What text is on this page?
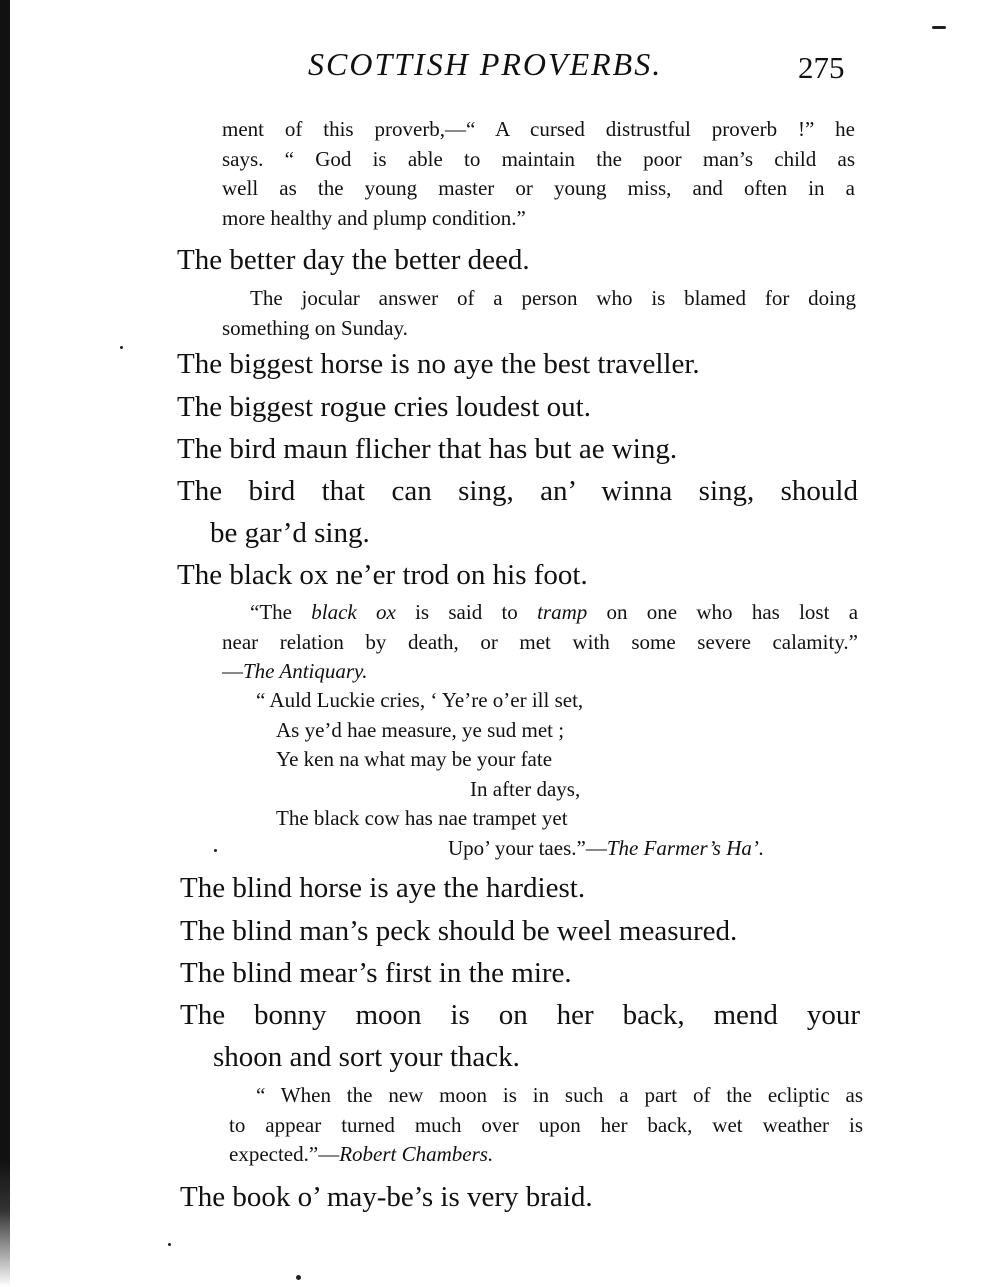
SCOTTISH PROVERBS.	275
ment of this proverb,—“ A cursed distrustful proverb !” he
says. “ God is able to maintain the poor man’s child as
well as the young master or young miss, and often in a
more healthy and plump condition.”
The better day the better deed.
The jocular answer of a person who is blamed for doing
something on Sunday.
The biggest horse is no aye the best traveller.
The biggest rogue cries loudest out.
The bird maun flicher that has but ae wing.
The bird that can sing, an’ winna sing, should
be gar’d sing.
The black ox ne’er trod on his foot.
“The black ox is said to tramp on one who has lost a
near relation by death, or met with some severe calamity.”
—The Antiquary.
“ Auld Luckie cries, ‘ Ye’re o’er ill set,
As ye’d hae measure, ye sud met ;
Ye ken na what may be your fate
In after days,
The black cow has nae trampet yet
Upo’ your taes.”—The Farmer’s Ha’.
The blind horse is aye the hardiest.
The blind man’s peck should be weel measured.
The blind mear’s first in the mire.
The bonny moon is on her back, mend your
shoon and sort your thack.
“ When the new moon is in such a part of the ecliptic as
to appear turned much over upon her back, wet weather is
expected.”—Robert Chambers.
The book o’ may-be’s is very braid.
